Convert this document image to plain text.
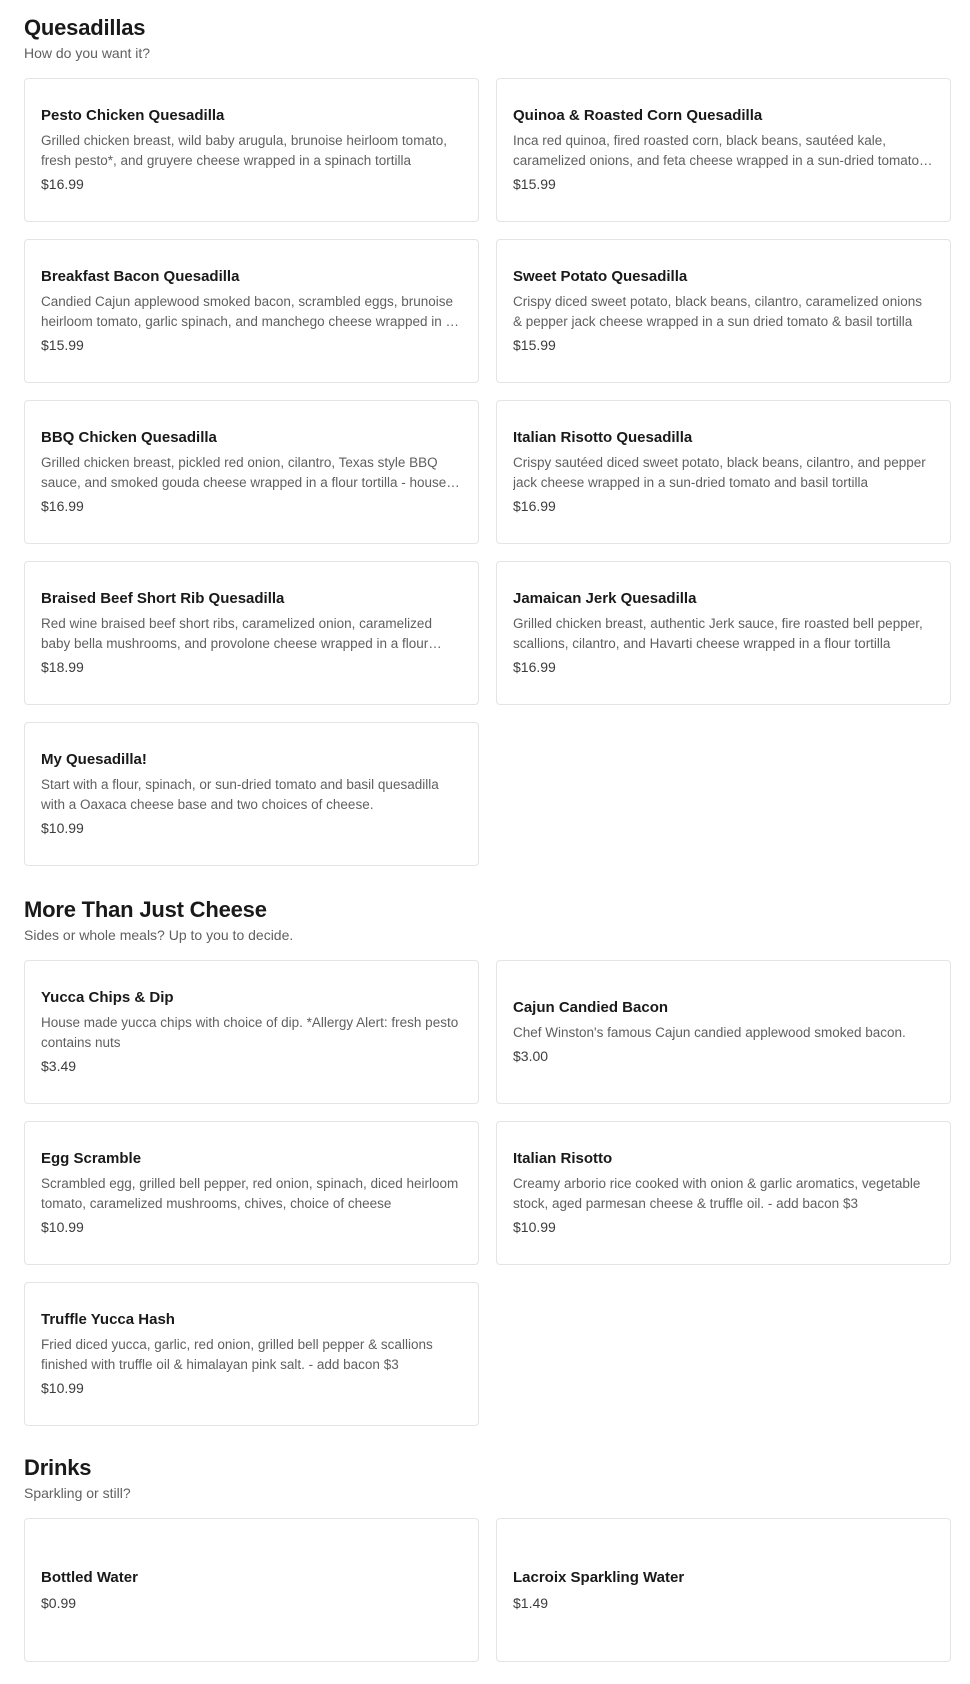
Quesadillas

How do you want it?

Pesto Chicken Quesadilla
Grilled chicken breast, wild baby arugula, brunoise heirloom tomato, fresh pesto*, and gruyere cheese wrapped in a spinach tortilla
$16.99
Quinoa & Roasted Corn Quesadilla
Inca red quinoa, fired roasted corn, black beans, sautéed kale, caramelized onions, and feta cheese wrapped in a sun-dried tomato
$15.99
Breakfast Bacon Quesadilla
Candied Cajun applewood smoked bacon, scrambled eggs, brunoise heirloom tomato, garlic spinach, and manchego cheese wrapped in a
$15.99
Sweet Potato Quesadilla
Crispy diced sweet potato, black beans, cilantro, caramelized onions & pepper jack cheese wrapped in a sun dried tomato & basil tortilla
$15.99
BBQ Chicken Quesadilla
Grilled chicken breast, pickled red onion, cilantro, Texas style BBQ sauce, and smoked gouda cheese wrapped in a flour tortilla - house
$16.99
Italian Risotto Quesadilla
Crispy sautéed diced sweet potato, black beans, cilantro, and pepper jack cheese wrapped in a sun-dried tomato and basil tortilla
$16.99
Braised Beef Short Rib Quesadilla
Red wine braised beef short ribs, caramelized onion, caramelized baby bella mushrooms, and provolone cheese wrapped in a flour
$18.99
Jamaican Jerk Quesadilla
Grilled chicken breast, authentic Jerk sauce, fire roasted bell pepper, scallions, cilantro, and Havarti cheese wrapped in a flour tortilla
$16.99
My Quesadilla!
Start with a flour, spinach, or sun-dried tomato and basil quesadilla with a Oaxaca cheese base and two choices of cheese.
$10.99
More Than Just Cheese

Sides or whole meals? Up to you to decide.

Yucca Chips & Dip
House made yucca chips with choice of dip. *Allergy Alert: fresh pesto contains nuts
$3.49
Cajun Candied Bacon
Chef Winston's famous Cajun candied applewood smoked bacon.
$3.00
Egg Scramble
Scrambled egg, grilled bell pepper, red onion, spinach, diced heirloom tomato, caramelized mushrooms, chives, choice of cheese
$10.99
Italian Risotto
Creamy arborio rice cooked with onion & garlic aromatics, vegetable stock, aged parmesan cheese & truffle oil. - add bacon $3
$10.99
Truffle Yucca Hash
Fried diced yucca, garlic, red onion, grilled bell pepper & scallions finished with truffle oil & himalayan pink salt. - add bacon $3
$10.99
Drinks

Sparkling or still?

Bottled Water
$0.99
Lacroix Sparkling Water
$1.49
